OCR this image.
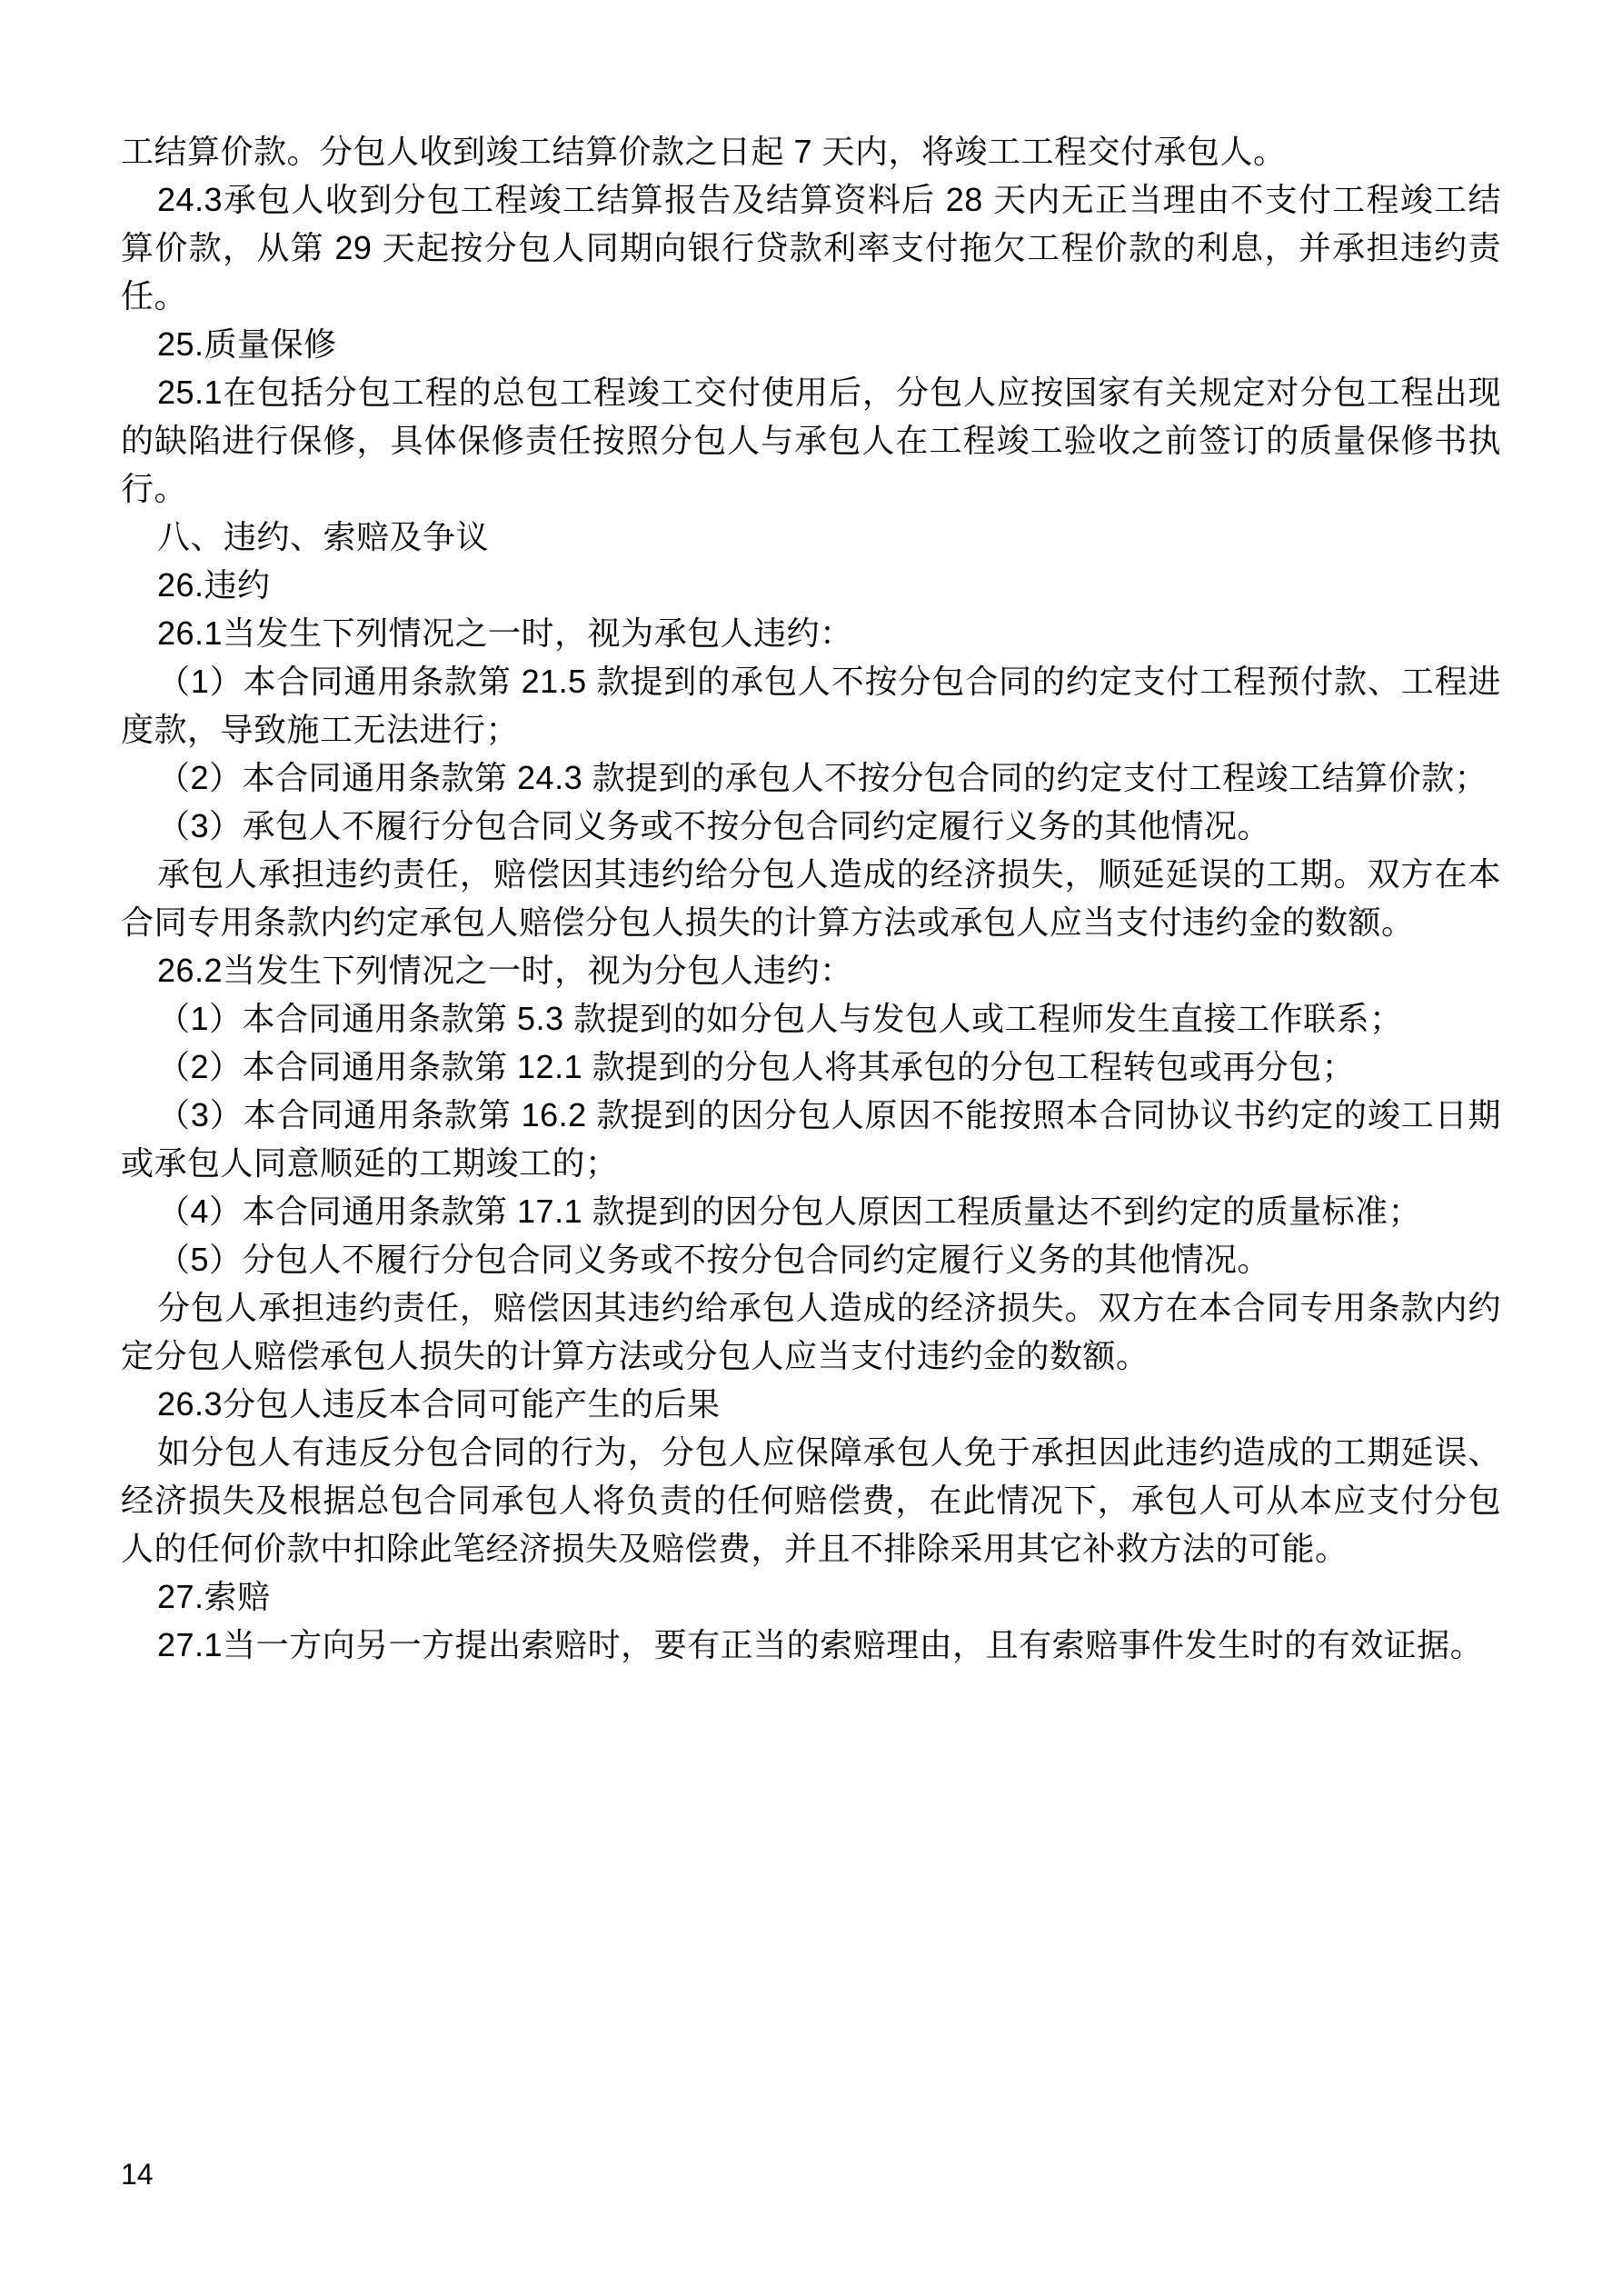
工结算价款。分包人收到竣工结算价款之日起 7 天内，将竣工工程交付承包人。

24.3承包人收到分包工程竣工结算报告及结算资料后 28 天内无正当理由不支付工程竣工结算价款，从第 29 天起按分包人同期向银行贷款利率支付拖欠工程价款的利息，并承担违约责任。

25.质量保修

25.1在包括分包工程的总包工程竣工交付使用后，分包人应按国家有关规定对分包工程出现的缺陷进行保修，具体保修责任按照分包人与承包人在工程竣工验收之前签订的质量保修书执行。

八、违约、索赔及争议

26.违约

26.1当发生下列情况之一时，视为承包人违约：

（1）本合同通用条款第 21.5 款提到的承包人不按分包合同的约定支付工程预付款、工程进度款，导致施工无法进行；

（2）本合同通用条款第 24.3 款提到的承包人不按分包合同的约定支付工程竣工结算价款；

（3）承包人不履行分包合同义务或不按分包合同约定履行义务的其他情况。

承包人承担违约责任，赔偿因其违约给分包人造成的经济损失，顺延延误的工期。双方在本合同专用条款内约定承包人赔偿分包人损失的计算方法或承包人应当支付违约金的数额。

26.2当发生下列情况之一时，视为分包人违约：

（1）本合同通用条款第 5.3 款提到的如分包人与发包人或工程师发生直接工作联系；

（2）本合同通用条款第 12.1 款提到的分包人将其承包的分包工程转包或再分包；

（3）本合同通用条款第 16.2 款提到的因分包人原因不能按照本合同协议书约定的竣工日期或承包人同意顺延的工期竣工的；

（4）本合同通用条款第 17.1 款提到的因分包人原因工程质量达不到约定的质量标准；

（5）分包人不履行分包合同义务或不按分包合同约定履行义务的其他情况。

分包人承担违约责任，赔偿因其违约给承包人造成的经济损失。双方在本合同专用条款内约定分包人赔偿承包人损失的计算方法或分包人应当支付违约金的数额。

26.3分包人违反本合同可能产生的后果

如分包人有违反分包合同的行为，分包人应保障承包人免于承担因此违约造成的工期延误、经济损失及根据总包合同承包人将负责的任何赔偿费，在此情况下，承包人可从本应支付分包人的任何价款中扣除此笔经济损失及赔偿费，并且不排除采用其它补救方法的可能。

27.索赔

27.1当一方向另一方提出索赔时，要有正当的索赔理由，且有索赔事件发生时的有效证据。

14
